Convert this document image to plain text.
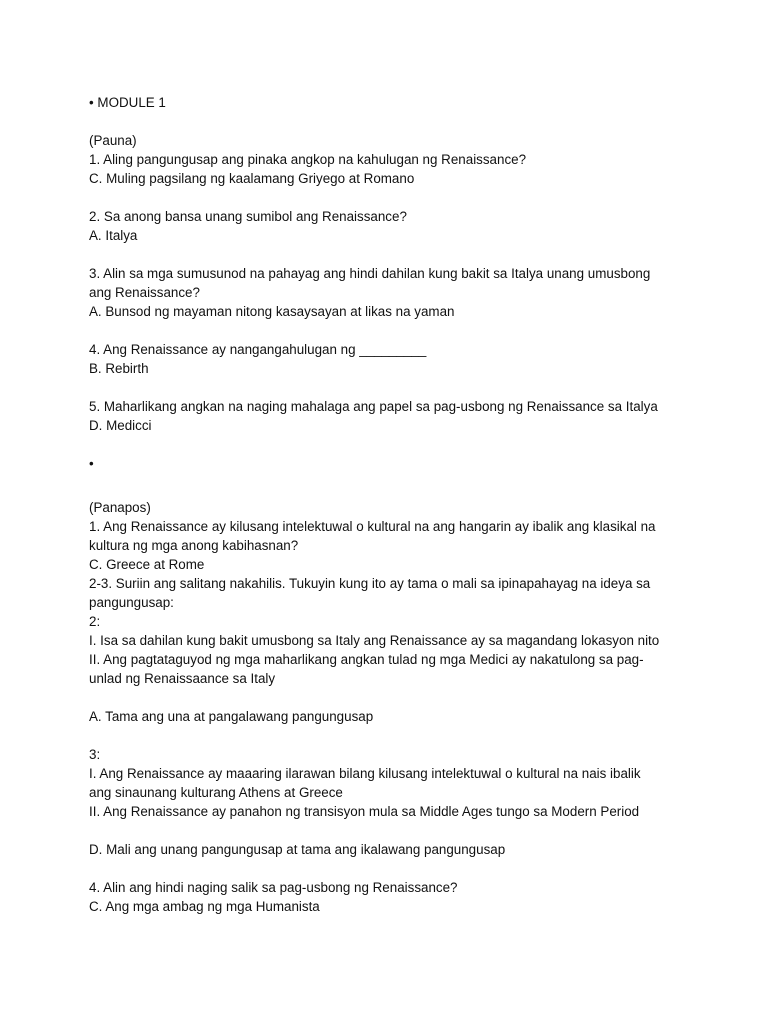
• MODULE 1
(Pauna)
1. Aling pangungusap ang pinaka angkop na kahulugan ng Renaissance?
C. Muling pagsilang ng kaalamang Griyego at Romano
2. Sa anong bansa unang sumibol ang Renaissance?
A. Italya
3. Alin sa mga sumusunod na pahayag ang hindi dahilan kung bakit sa Italya unang umusbong
ang Renaissance?
A. Bunsod ng mayaman nitong kasaysayan at likas na yaman
4. Ang Renaissance ay nangangahulugan ng _________
B. Rebirth
5. Maharlikang angkan na naging mahalaga ang papel sa pag-usbong ng Renaissance sa Italya
D. Medicci
•
(Panapos)
1. Ang Renaissance ay kilusang intelektuwal o kultural na ang hangarin ay ibalik ang klasikal na
kultura ng mga anong kabihasnan?
C. Greece at Rome
2-3. Suriin ang salitang nakahilis. Tukuyin kung ito ay tama o mali sa ipinapahayag na ideya sa
pangungusap:
2:
I. Isa sa dahilan kung bakit umusbong sa Italy ang Renaissance ay sa magandang lokasyon nito
II. Ang pagtataguyod ng mga maharlikang angkan tulad ng mga Medici ay nakatulong sa pag-
unlad ng Renaissaance sa Italy
A. Tama ang una at pangalawang pangungusap
3:
I. Ang Renaissance ay maaaring ilarawan bilang kilusang intelektuwal o kultural na nais ibalik
ang sinaunang kulturang Athens at Greece
II. Ang Renaissance ay panahon ng transisyon mula sa Middle Ages tungo sa Modern Period
D. Mali ang unang pangungusap at tama ang ikalawang pangungusap
4. Alin ang hindi naging salik sa pag-usbong ng Renaissance?
C. Ang mga ambag ng mga Humanista
